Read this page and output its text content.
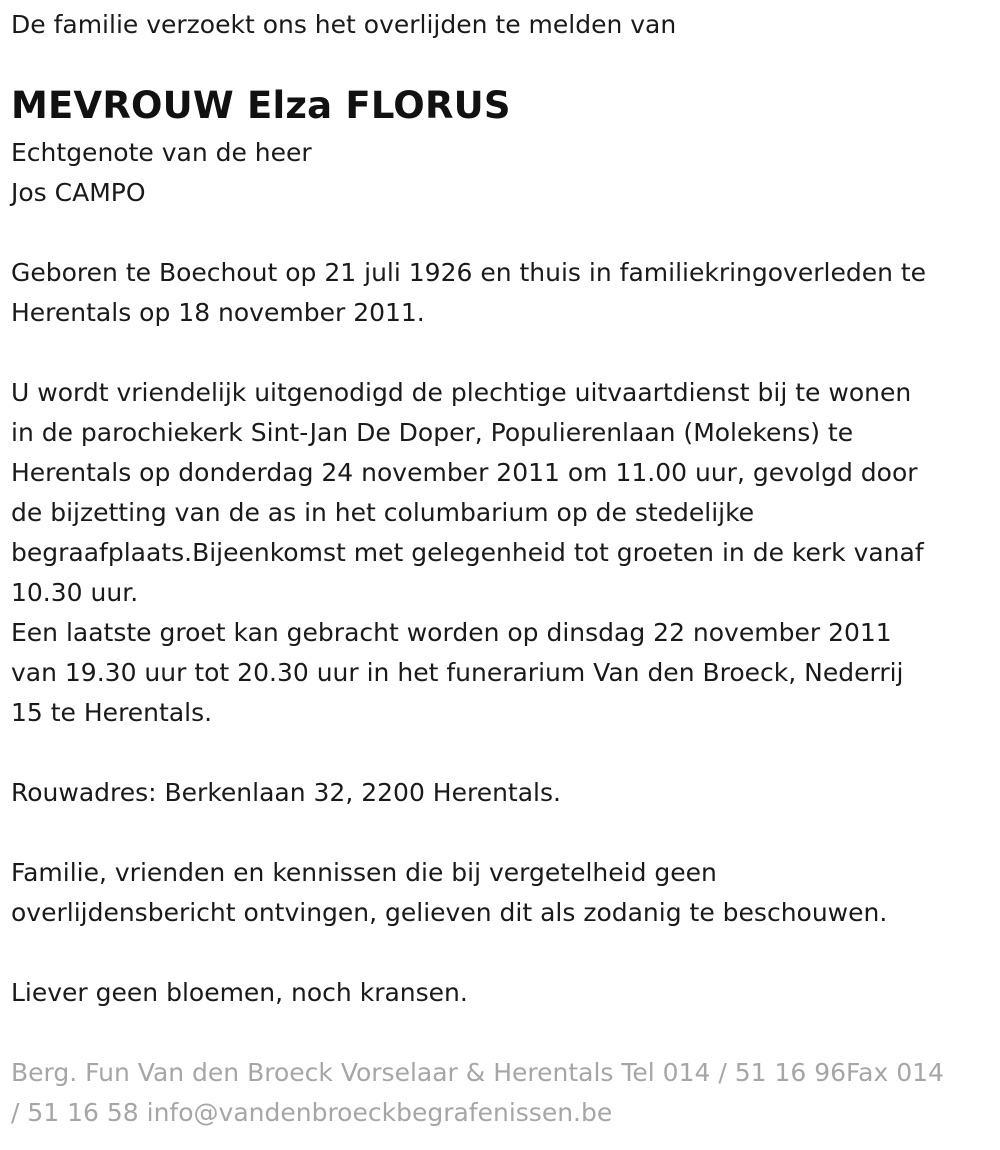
De familie verzoekt ons het overlijden te melden van

MEVROUW Elza FLORUS

Echtgenote van de heer
Jos CAMPO

Geboren te Boechout op 21 juli 1926 en thuis in familiekringoverleden te
Herentals op 18 november 2011.

U wordt vriendelijk uitgenodigd de plechtige uitvaartdienst bij te wonen
in de parochiekerk Sint-Jan De Doper, Populierenlaan (Molekens) te
Herentals op donderdag 24 november 2011 om 11.00 uur, gevolgd door
de bijzetting van de as in het columbarium op de stedelijke
begraafplaats.Bijeenkomst met gelegenheid tot groeten in de kerk vanaf
10.30 uur.

Een laatste groet kan gebracht worden op dinsdag 22 november 2011
van 19.30 uur tot 20.30 uur in het funerarium Van den Broeck, Nederrij
15 te Herentals.

Rouwadres: Berkenlaan 32, 2200 Herentals.

Familie, vrienden en kennissen die bij vergetelheid geen
overlijdensbericht ontvingen, gelieven dit als zodanig te beschouwen.

Liever geen bloemen, noch kransen.

Berg. Fun Van den Broeck Vorselaar & Herentals Tel 014 / 51 16 96Fax 014
/ 51 16 58 info@vandenbroeckbegrafenissen.be
